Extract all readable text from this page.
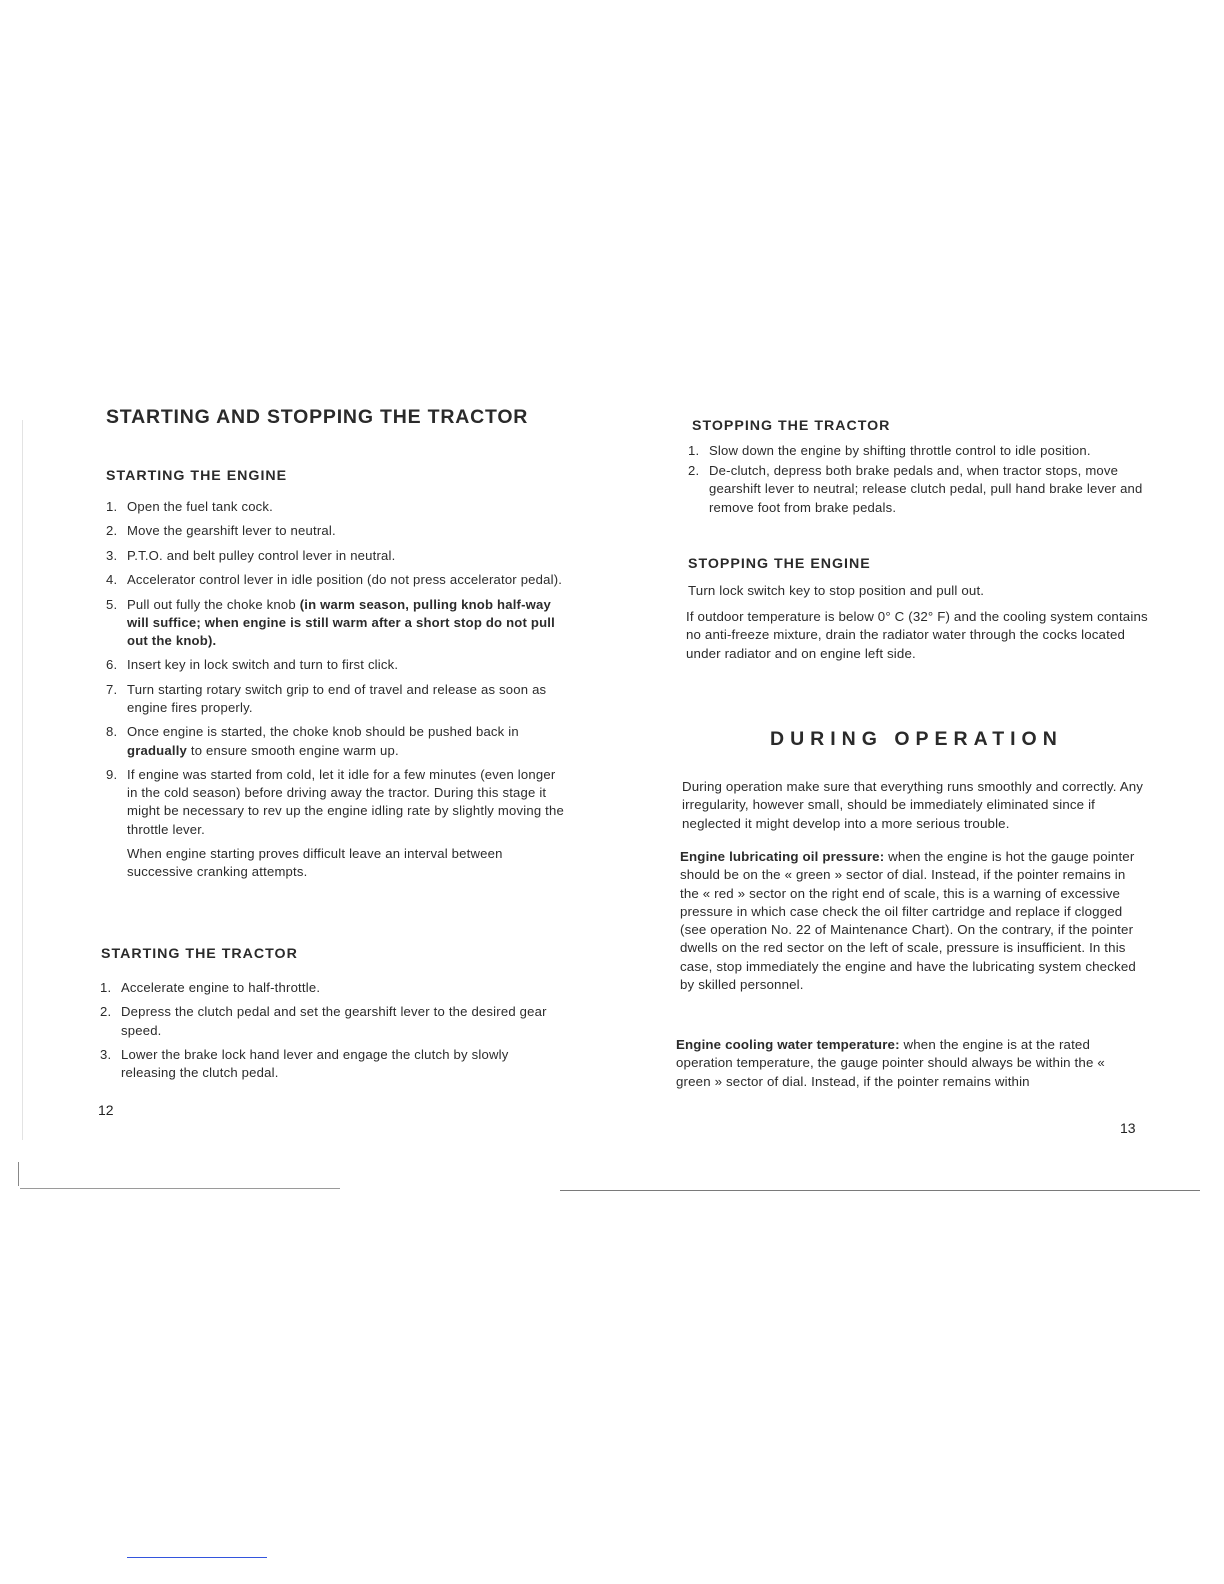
STARTING AND STOPPING THE TRACTOR
STARTING THE ENGINE
1. Open the fuel tank cock.
2. Move the gearshift lever to neutral.
3. P.T.O. and belt pulley control lever in neutral.
4. Accelerator control lever in idle position (do not press accelerator pedal).
5. Pull out fully the choke knob (in warm season, pulling knob half-way will suffice; when engine is still warm after a short stop do not pull out the knob).
6. Insert key in lock switch and turn to first click.
7. Turn starting rotary switch grip to end of travel and release as soon as engine fires properly.
8. Once engine is started, the choke knob should be pushed back in gradually to ensure smooth engine warm up.
9. If engine was started from cold, let it idle for a few minutes (even longer in the cold season) before driving away the tractor. During this stage it might be necessary to rev up the engine idling rate by slightly moving the throttle lever.
When engine starting proves difficult leave an interval between successive cranking attempts.
STARTING THE TRACTOR
1. Accelerate engine to half-throttle.
2. Depress the clutch pedal and set the gearshift lever to the desired gear speed.
3. Lower the brake lock hand lever and engage the clutch by slowly releasing the clutch pedal.
12
STOPPING THE TRACTOR
1. Slow down the engine by shifting throttle control to idle position.
2. De-clutch, depress both brake pedals and, when tractor stops, move gearshift lever to neutral; release clutch pedal, pull hand brake lever and remove foot from brake pedals.
STOPPING THE ENGINE

Turn lock switch key to stop position and pull out.

If outdoor temperature is below 0° C (32° F) and the cooling system contains no anti-freeze mixture, drain the radiator water through the cocks located under radiator and on engine left side.

DURING OPERATION

During operation make sure that everything runs smoothly and correctly. Any irregularity, however small, should be immediately eliminated since if neglected it might develop into a more serious trouble.

Engine lubricating oil pressure: when the engine is hot the gauge pointer should be on the « green » sector of dial. Instead, if the pointer remains in the « red » sector on the right end of scale, this is a warning of excessive pressure in which case check the oil filter cartridge and replace if clogged (see operation No. 22 of Maintenance Chart). On the contrary, if the pointer dwells on the red sector on the left of scale, pressure is insufficient. In this case, stop immediately the engine and have the lubricating system checked by skilled personnel.

Engine cooling water temperature: when the engine is at the rated operation temperature, the gauge pointer should always be within the « green » sector of dial. Instead, if the pointer remains within

13
